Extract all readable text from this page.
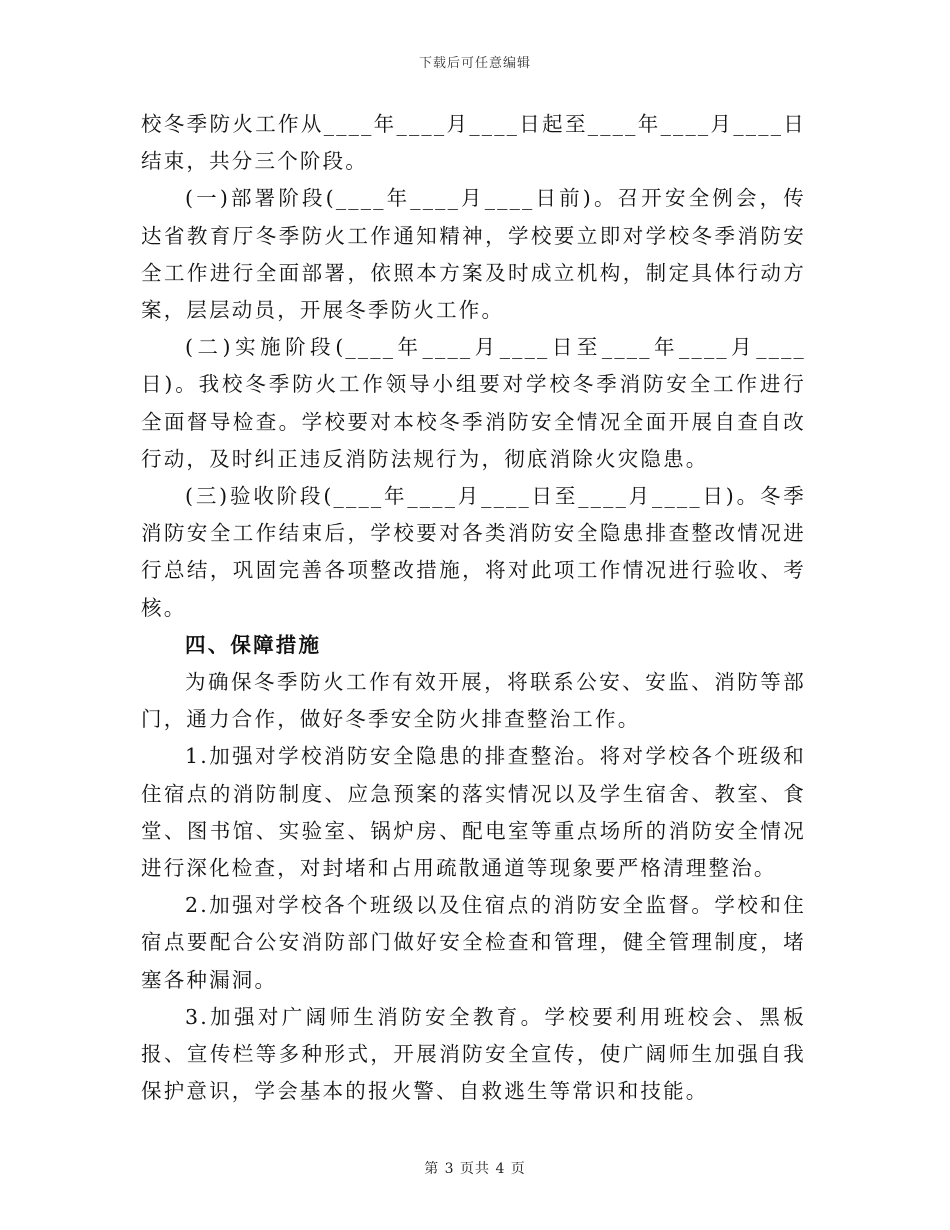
下载后可任意编辑

校冬季防火工作从____年____月____日起至____年____月____日结束，共分三个阶段。

(一)部署阶段(____年____月____日前)。召开安全例会，传达省教育厅冬季防火工作通知精神，学校要立即对学校冬季消防安全工作进行全面部署，依照本方案及时成立机构，制定具体行动方案，层层动员，开展冬季防火工作。

(二)实施阶段(____年____月____日至____年____月____日)。我校冬季防火工作领导小组要对学校冬季消防安全工作进行全面督导检查。学校要对本校冬季消防安全情况全面开展自查自改行动，及时纠正违反消防法规行为，彻底消除火灾隐患。

(三)验收阶段(____年____月____日至____月____日)。冬季消防安全工作结束后，学校要对各类消防安全隐患排查整改情况进行总结，巩固完善各项整改措施，将对此项工作情况进行验收、考核。

四、保障措施

为确保冬季防火工作有效开展，将联系公安、安监、消防等部门，通力合作，做好冬季安全防火排查整治工作。

1.加强对学校消防安全隐患的排查整治。将对学校各个班级和住宿点的消防制度、应急预案的落实情况以及学生宿舍、教室、食堂、图书馆、实验室、锅炉房、配电室等重点场所的消防安全情况进行深化检查，对封堵和占用疏散通道等现象要严格清理整治。

2.加强对学校各个班级以及住宿点的消防安全监督。学校和住宿点要配合公安消防部门做好安全检查和管理，健全管理制度，堵塞各种漏洞。

3.加强对广阔师生消防安全教育。学校要利用班校会、黑板报、宣传栏等多种形式，开展消防安全宣传，使广阔师生加强自我保护意识，学会基本的报火警、自救逃生等常识和技能。

第 3 页共 4 页
